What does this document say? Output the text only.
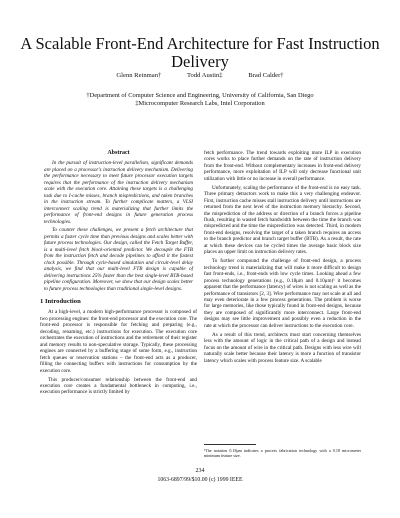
A Scalable Front-End Architecture for Fast Instruction Delivery
Glenn Reinman†	Todd Austin‡	Brad Calder†
†Department of Computer Science and Engineering, University of California, San Diego
‡Microcomputer Research Labs, Intel Corporation
Abstract

In the pursuit of instruction-level parallelism, significant demands are placed on a processor's instruction delivery mechanism. Delivering the performance necessary to meet future processor execution targets requires that the performance of the instruction delivery mechanism scale with the execution core. Attaining these targets is a challenging task due to I-cache misses, branch mispredictions, and taken branches in the instruction stream. To further complicate matters, a VLSI interconnect scaling trend is materializing that further limits the performance of front-end designs in future generation process technologies.

To counter these challenges, we present a fetch architecture that permits a faster cycle time than previous designs and scales better with future process technologies. Our design, called the Fetch Target Buffer, is a multi-level fetch block-oriented predictor. We decouple the FTB from the instruction fetch and decode pipelines to afford it the fastest clock possible. Through cycle-based simulation and circuit-level delay analysis, we find that our multi-level FTB design is capable of delivering instructions 25% faster than the best single-level BTB-based pipeline configuration. Moreover, we show that our design scales better to future process technologies than traditional single-level designs.

1 Introduction

At a high-level, a modern high-performance processor is composed of two processing engines: the front-end processor and the execution core. The front-end processor is responsible for fetching and preparing (e.g., decoding, renaming, etc.) instructions for execution. The execution core orchestrates the execution of instructions and the retirement of their register and memory results to non-speculative storage. Typically, these processing engines are connected by a buffering stage of some form, e.g., instruction fetch queues or reservation stations – the front-end acts as a producer, filling the connecting buffers with instructions for consumption by the execution core.

This producer/consumer relationship between the front-end and execution core creates a fundamental bottleneck in computing, i.e., execution performance is strictly limited by

fetch performance. The trend towards exploiting more ILP in execution cores works to place further demands on the rate of instruction delivery from the front-end. Without complementary increases in front-end delivery performance, more exploitation of ILP will only decrease functional unit utilization with little or no increase in overall performance.

Unfortunately, scaling the performance of the front-end is no easy task. Three primary detractors work to make this a very challenging endeavor. First, instruction cache misses stall instruction delivery until instructions are returned from the next level of the instruction memory hierarchy. Second, the misprediction of the address or direction of a branch forces a pipeline flush, resulting in wasted fetch bandwidth between the time the branch was mispredicted and the time the misprediction was detected. Third, in modern front-end designs, resolving the target of a taken branch requires an access to the branch predictor and branch target buffer (BTB). As a result, the rate at which these devices can be cycled times the average basic block size places an upper limit on instruction delivery rates.

To further compound the challenge of front-end design, a process technology trend is materializing that will make it more difficult to design fast front-ends, i.e., front-ends with low cycle times. Looking ahead a few process technology generations (e.g., 0.18μm and 0.10μm)¹ it becomes apparent that the performance (latency) of wires is not scaling as well as the performance of transistors [2, 3]. Wire performance may not scale at all and may even deteriorate in a few process generations. The problem is worse for large memories, like those typically found in front-end designs, because they are composed of significantly more interconnect. Large front-end designs may see little improvement and possibly even a reduction in the rate at which the processor can deliver instructions to the execution core.

As a result of this trend, architects must start concerning themselves less with the amount of logic in the critical path of a design and instead focus on the amount of wire in the critical path. Designs with less wire will naturally scale better because their latency is more a function of transistor latency which scales with process feature size. A scalable

¹The notation 0.18μm indicates a process fabrication technology with a 0.18 micrometer minimum feature size.
234
1063-6897/99/$10.00 (c) 1999 IEEE
